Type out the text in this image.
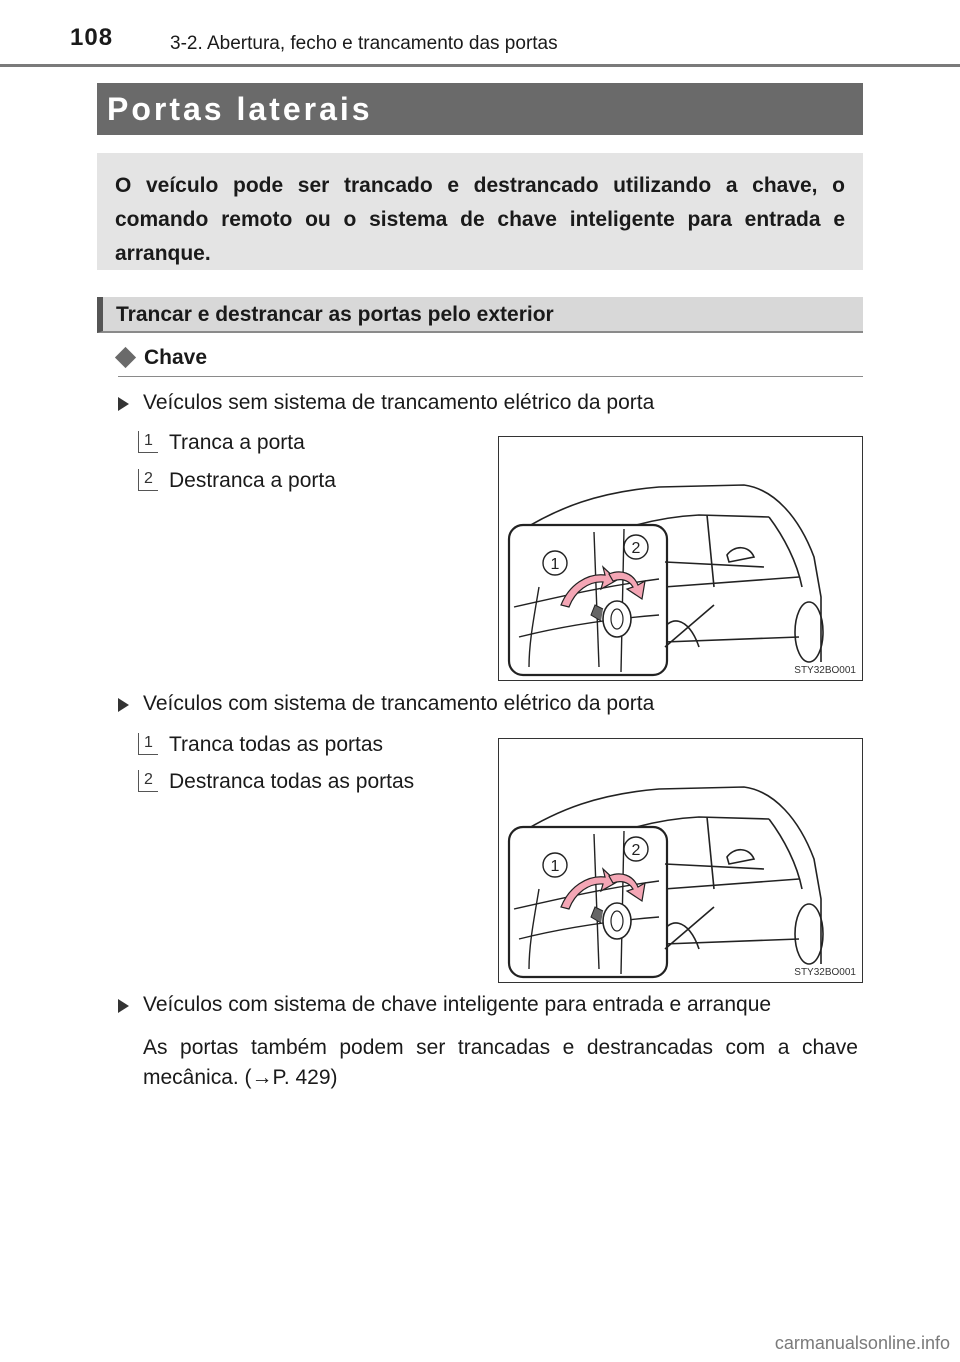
108	3-2. Abertura, fecho e trancamento das portas
Portas laterais

O veículo pode ser trancado e destrancado utilizando a chave, o comando remoto ou o sistema de chave inteligente para entrada e arranque.

Trancar e destrancar as portas pelo exterior
Chave
Veículos sem sistema de trancamento elétrico da porta
1 Tranca a porta
2 Destranca a porta
1
2
STY32BO001
Veículos com sistema de trancamento elétrico da porta
1 Tranca todas as portas
2 Destranca todas as portas
1
2
STY32BO001
Veículos com sistema de chave inteligente para entrada e arranque

As portas também podem ser trancadas e destrancadas com a chave mecânica. (→P. 429)

carmanualsonline.info
